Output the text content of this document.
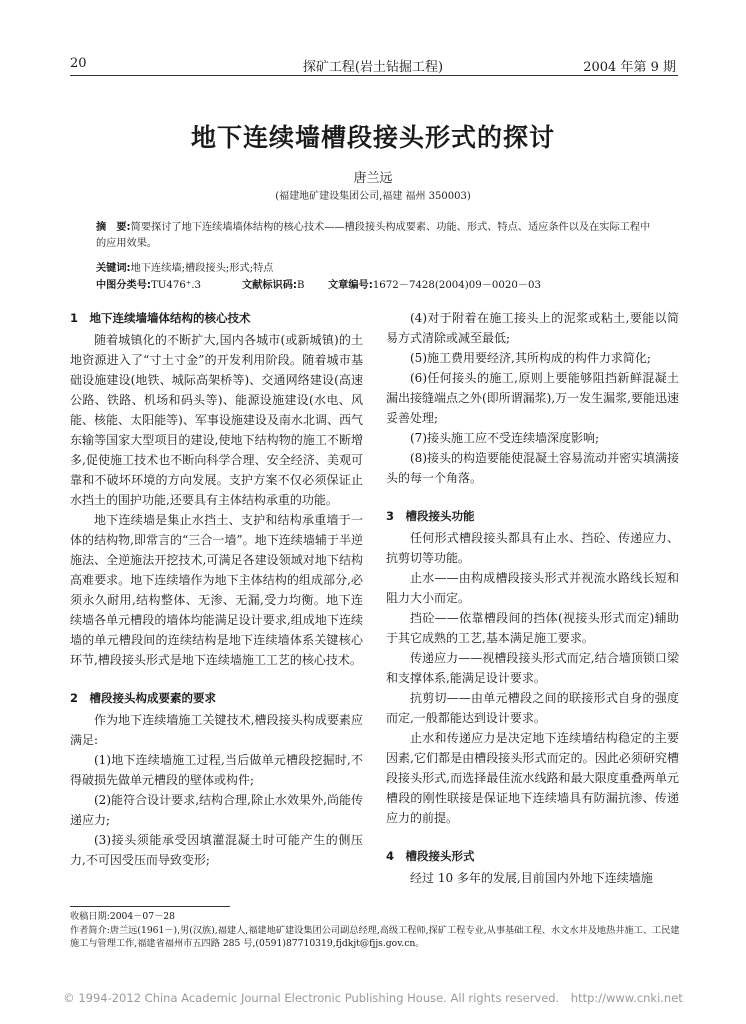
20	探矿工程(岩土钻掘工程)	2004 年第 9 期
地下连续墙槽段接头形式的探讨
唐兰远
(福建地矿建设集团公司,福建 福州 350003)
摘　要:简要探讨了地下连续墙墙体结构的核心技术——槽段接头构成要素、功能、形式、特点、适应条件以及在实际工程中的应用效果。
关键词:地下连续墙;槽段接头;形式;特点
中图分类号:TU476⁺.3	文献标识码:B 文章编号:1672－7428(2004)09－0020－03

1　地下连续墙墙体结构的核心技术

随着城镇化的不断扩大,国内各城市(或新城镇)的土地资源进入了“寸土寸金”的开发利用阶段。随着城市基础设施建设(地铁、城际高架桥等)、交通网络建设(高速公路、铁路、机场和码头等)、能源设施建设(水电、风能、核能、太阳能等)、军事设施建设及南水北调、西气东输等国家大型项目的建设,使地下结构物的施工不断增多,促使施工技术也不断向科学合理、安全经济、美观可靠和不破坏环境的方向发展。支护方案不仅必须保证止水挡土的围护功能,还要具有主体结构承重的功能。

地下连续墙是集止水挡土、支护和结构承重墙于一体的结构物,即常言的“三合一墙”。地下连续墙辅于半逆施法、全逆施法开挖技术,可满足各建设领域对地下结构高难要求。地下连续墙作为地下主体结构的组成部分,必须永久耐用,结构整体、无渗、无漏,受力均衡。地下连续墙各单元槽段的墙体均能满足设计要求,组成地下连续墙的单元槽段间的连续结构是地下连续墙体系关键核心环节,槽段接头形式是地下连续墙施工工艺的核心技术。

2　槽段接头构成要素的要求

作为地下连续墙施工关键技术,槽段接头构成要素应满足:

(1)地下连续墙施工过程,当后做单元槽段挖掘时,不得破损先做单元槽段的壁体或构件;

(2)能符合设计要求,结构合理,除止水效果外,尚能传递应力;

(3)接头须能承受因填灌混凝土时可能产生的侧压力,不可因受压而导致变形;

(4)对于附着在施工接头上的泥浆或粘土,要能以简易方式清除或减至最低;

(5)施工费用要经济,其所构成的构件力求简化;

(6)任何接头的施工,原则上要能够阻挡新鲜混凝土漏出接缝端点之外(即所谓漏浆),万一发生漏浆,要能迅速妥善处理;

(7)接头施工应不受连续墙深度影响;

(8)接头的构造要能使混凝土容易流动并密实填满接头的每一个角落。

3　槽段接头功能

任何形式槽段接头都具有止水、挡砼、传递应力、抗剪切等功能。

止水——由构成槽段接头形式并视流水路线长短和阻力大小而定。

挡砼——依靠槽段间的挡体(视接头形式而定)辅助于其它成熟的工艺,基本满足施工要求。

传递应力——视槽段接头形式而定,结合墙顶锁口梁和支撑体系,能满足设计要求。

抗剪切——由单元槽段之间的联接形式自身的强度而定,一般都能达到设计要求。

止水和传递应力是决定地下连续墙结构稳定的主要因素,它们都是由槽段接头形式而定的。因此必须研究槽段接头形式,而选择最佳流水线路和最大限度重叠两单元槽段的刚性联接是保证地下连续墙具有防漏抗渗、传递应力的前提。

4　槽段接头形式

经过 10 多年的发展,目前国内外地下连续墙施

收稿日期:2004－07－28
作者简介:唐兰远(1961－),男(汉族),福建人,福建地矿建设集团公司副总经理,高级工程师,探矿工程专业,从事基础工程、水文水井及地热井施工、工民建施工与管理工作,福建省福州市五四路 285 号,(0591)87710319,fjdkjt@fjjs.gov.cn。
© 1994-2012 China Academic Journal Electronic Publishing House. All rights reserved.　http://www.cnki.net
